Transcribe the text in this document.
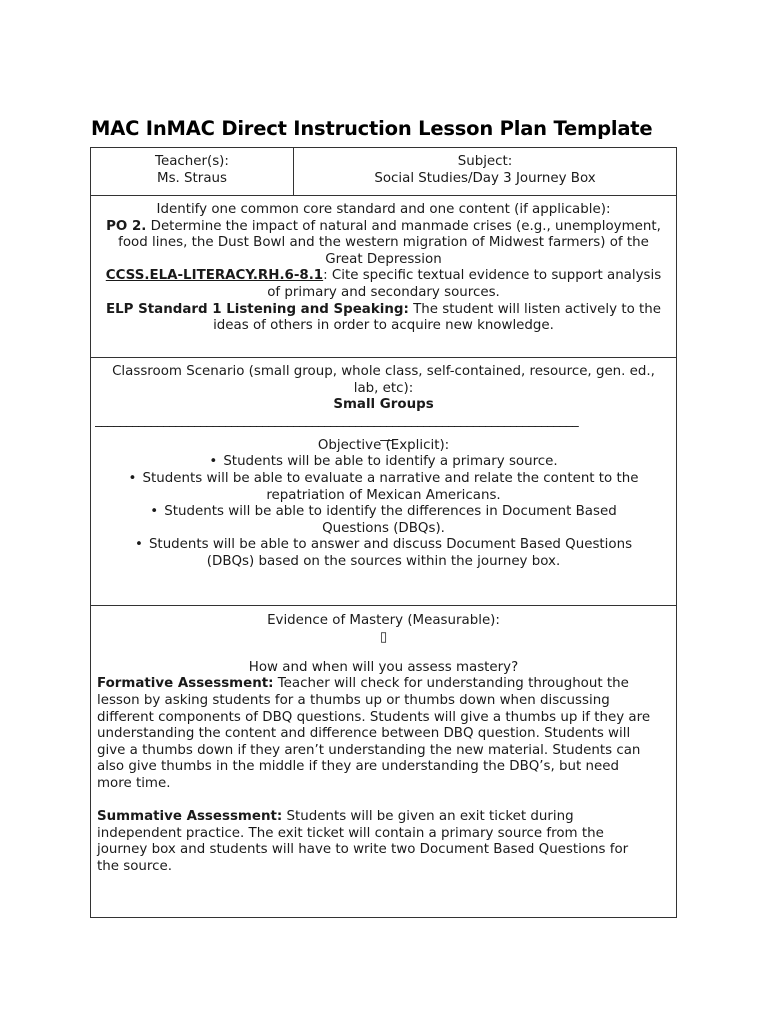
MAC InMAC Direct Instruction Lesson Plan Template
Teacher(s):
Ms. Straus
Subject:
Social Studies/Day 3 Journey Box
Identify one common core standard and one content (if applicable):
PO 2. Determine the impact of natural and manmade crises (e.g., unemployment,
food lines, the Dust Bowl and the western migration of Midwest farmers) of the
Great Depression
CCSS.ELA-LITERACY.RH.6-8.1: Cite specific textual evidence to support analysis
of primary and secondary sources.
ELP Standard 1 Listening and Speaking: The student will listen actively to the
ideas of others in order to acquire new knowledge.
Classroom Scenario (small group, whole class, self-contained, resource, gen. ed.,
lab, etc):
Small Groups
______________________________________________________________________________
__
Objective (Explicit):
• Students will be able to identify a primary source.
• Students will be able to evaluate a narrative and relate the content to the
repatriation of Mexican Americans.
• Students will be able to identify the differences in Document Based
Questions (DBQs).
• Students will be able to answer and discuss Document Based Questions
(DBQs) based on the sources within the journey box.
Evidence of Mastery (Measurable):
▯
How and when will you assess mastery?
Formative Assessment: Teacher will check for understanding throughout the
lesson by asking students for a thumbs up or thumbs down when discussing
different components of DBQ questions. Students will give a thumbs up if they are
understanding the content and difference between DBQ question. Students will
give a thumbs down if they aren’t understanding the new material. Students can
also give thumbs in the middle if they are understanding the DBQ’s, but need
more time.
Summative Assessment: Students will be given an exit ticket during
independent practice. The exit ticket will contain a primary source from the
journey box and students will have to write two Document Based Questions for
the source.
